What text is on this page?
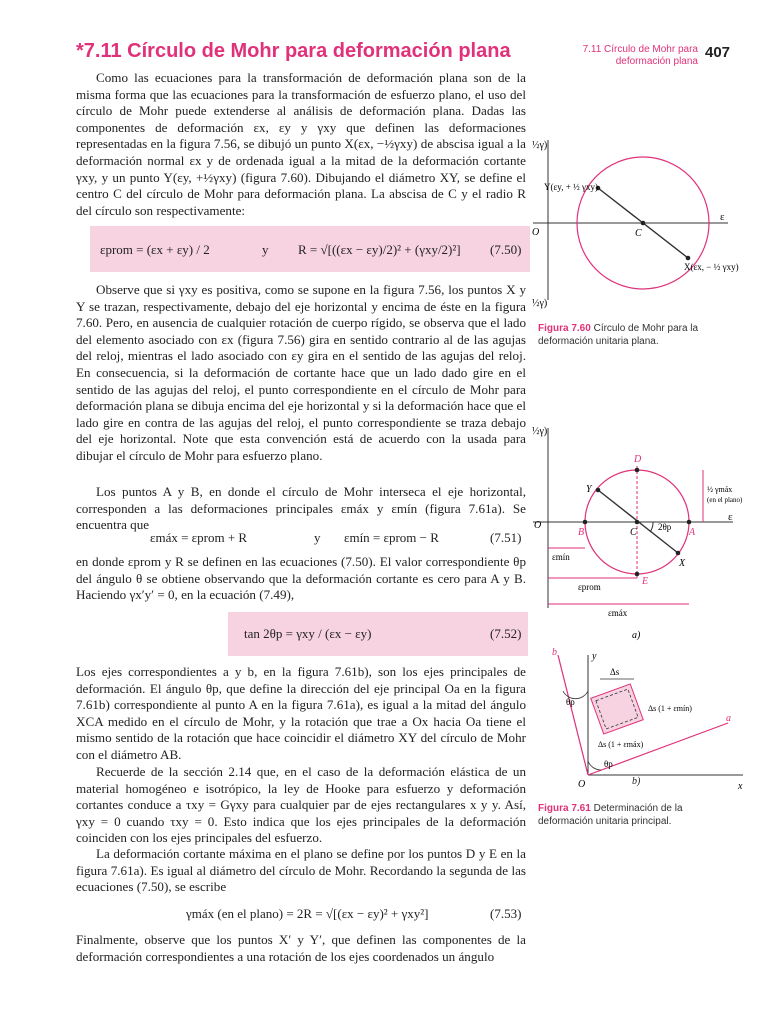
*7.11 Círculo de Mohr para deformación plana	7.11 Círculo de Mohr para
deformación plana
407

Como las ecuaciones para la transformación de deformación plana son de la misma forma que las ecuaciones para la transformación de esfuerzo plano, el uso del círculo de Mohr puede extenderse al análisis de deformación plana. Dadas las componentes de deformación εx, εy y γxy que definen las deformaciones representadas en la figura 7.56, se dibujó un punto X(εx, −½γxy) de abscisa igual a la deformación normal εx y de ordenada igual a la mitad de la deformación cortante γxy, y un punto Y(εy, +½γxy) (figura 7.60). Dibujando el diámetro XY, se define el centro C del círculo de Mohr para deformación plana. La abscisa de C y el radio R del círculo son respectivamente:

εprom = (εx + εy) / 2	y R = √[((εx − εy)/2)² + (γxy/2)²] (7.50)

Observe que si γxy es positiva, como se supone en la figura 7.56, los puntos X y Y se trazan, respectivamente, debajo del eje horizontal y encima de éste en la figura 7.60. Pero, en ausencia de cualquier rotación de cuerpo rígido, se observa que el lado del elemento asociado con εx (figura 7.56) gira en sentido contrario al de las agujas del reloj, mientras el lado asociado con εy gira en el sentido de las agujas del reloj. En consecuencia, si la deformación de cortante hace que un lado dado gire en el sentido de las agujas del reloj, el punto correspondiente en el círculo de Mohr para deformación plana se dibuja encima del eje horizontal y si la deformación hace que el lado gire en contra de las agujas del reloj, el punto correspondiente se traza debajo del eje horizontal. Note que esta convención está de acuerdo con la usada para dibujar el círculo de Mohr para esfuerzo plano.

Los puntos A y B, en donde el círculo de Mohr interseca el eje horizontal, corresponden a las deformaciones principales εmáx y εmín (figura 7.61a). Se encuentra que

εmáx = εprom + R	y εmín = εprom − R	(7.51)

en donde εprom y R se definen en las ecuaciones (7.50). El valor correspondiente θp del ángulo θ se obtiene observando que la deformación cortante es cero para A y B. Haciendo γx′y′ = 0, en la ecuación (7.49),

tan 2θp = γxy / (εx − εy)	(7.52)

Los ejes correspondientes a y b, en la figura 7.61b), son los ejes principales de deformación. El ángulo θp, que define la dirección del eje principal Oa en la figura 7.61b) correspondiente al punto A en la figura 7.61a), es igual a la mitad del ángulo XCA medido en el círculo de Mohr, y la rotación que trae a Ox hacia Oa tiene el mismo sentido de la rotación que hace coincidir el diámetro XY del círculo de Mohr con el diámetro AB.

Recuerde de la sección 2.14 que, en el caso de la deformación elástica de un material homogéneo e isotrópico, la ley de Hooke para esfuerzo y deformación cortantes conduce a τxy = Gγxy para cualquier par de ejes rectangulares x y y. Así, γxy = 0 cuando τxy = 0. Esto indica que los ejes principales de la deformación coinciden con los ejes principales del esfuerzo.

La deformación cortante máxima en el plano se define por los puntos D y E en la figura 7.61a). Es igual al diámetro del círculo de Mohr. Recordando la segunda de las ecuaciones (7.50), se escribe

γmáx (en el plano) = 2R = √[(εx − εy)² + γxy²]	(7.53)

Finalmente, observe que los puntos X′ y Y′, que definen las componentes de la deformación correspondientes a una rotación de los ejes coordenados un ángulo

½γ)
½γ)
ε
O	C
Y(εy, + ½ γxy)
X(εx, − ½ γxy)
Figura 7.60 Círculo de Mohr para la deformación unitaria plana.
½γ)
ε
O
B	C	A
D
E
Y
X
2θp
½ γmáx
(en el plano)
εmín
εprom
εmáx
a)
b	y
a
x
O
Δs
Δs (1 + εmín)
Δs (1 + εmáx)
θp
θp
b)
Figura 7.61 Determinación de la deformación unitaria principal.
